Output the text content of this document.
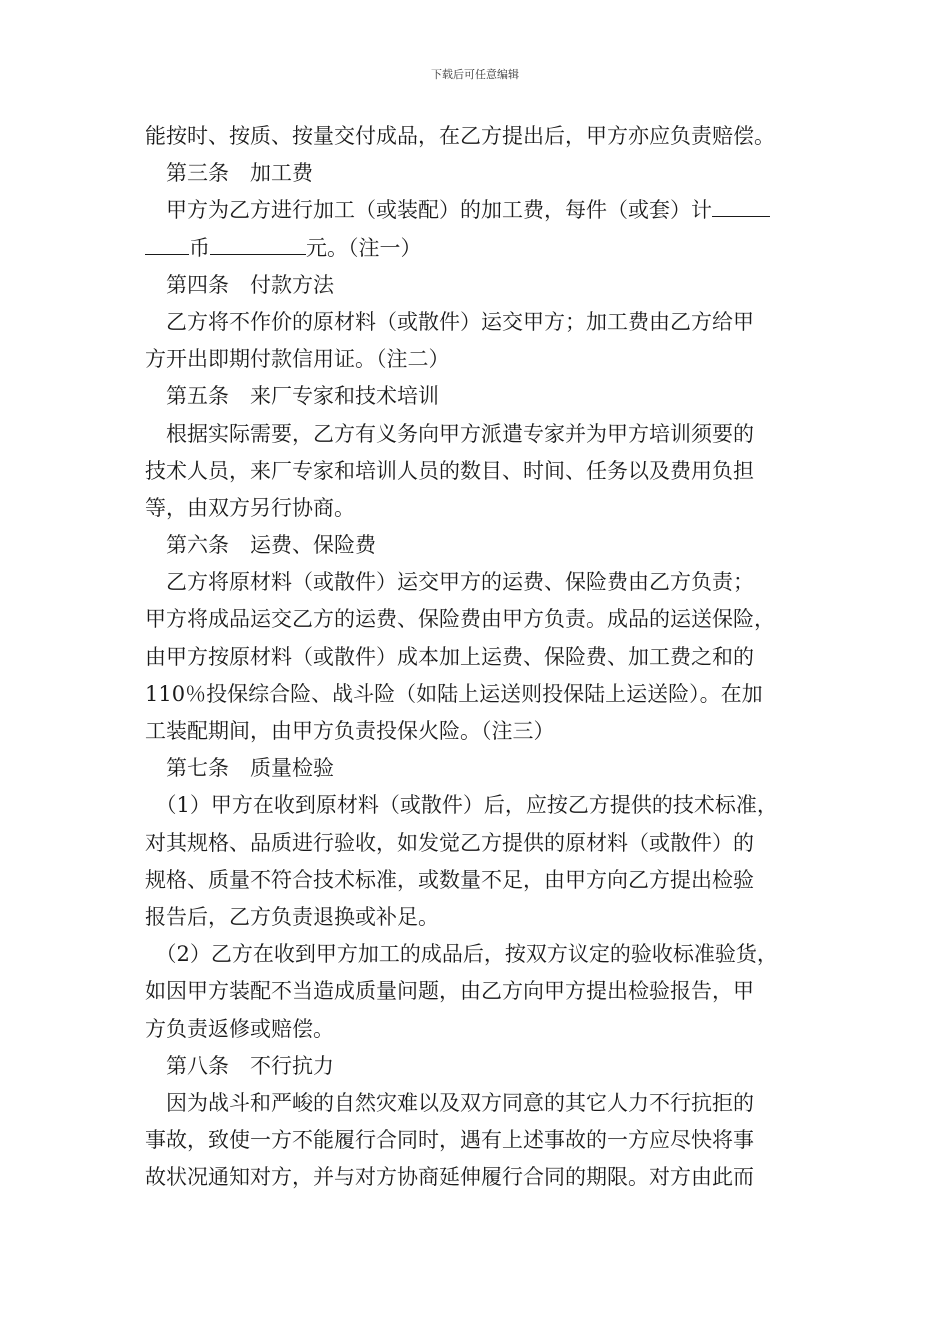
下载后可任意编辑
能按时、按质、按量交付成品，在乙方提出后，甲方亦应负责赔偿。
　第三条　加工费
　甲方为乙方进行加工（或装配）的加工费，每件（或套）计
币	元。（注一）
　第四条　付款方法
　乙方将不作价的原材料（或散件）运交甲方；加工费由乙方给甲
方开出即期付款信用证。（注二）
　第五条　来厂专家和技术培训
　根据实际需要，乙方有义务向甲方派遣专家并为甲方培训须要的
技术人员，来厂专家和培训人员的数目、时间、任务以及费用负担
等，由双方另行协商。
　第六条　运费、保险费
　乙方将原材料（或散件）运交甲方的运费、保险费由乙方负责；
甲方将成品运交乙方的运费、保险费由甲方负责。成品的运送保险，
由甲方按原材料（或散件）成本加上运费、保险费、加工费之和的
110％投保综合险、战斗险（如陆上运送则投保陆上运送险）。在加
工装配期间，由甲方负责投保火险。（注三）
　第七条　质量检验
　（1）甲方在收到原材料（或散件）后，应按乙方提供的技术标准，
对其规格、品质进行验收，如发觉乙方提供的原材料（或散件）的
规格、质量不符合技术标准，或数量不足，由甲方向乙方提出检验
报告后，乙方负责退换或补足。
　（2）乙方在收到甲方加工的成品后，按双方议定的验收标准验货，
如因甲方装配不当造成质量问题，由乙方向甲方提出检验报告，甲
方负责返修或赔偿。
　第八条　不行抗力
　因为战斗和严峻的自然灾难以及双方同意的其它人力不行抗拒的
事故，致使一方不能履行合同时，遇有上述事故的一方应尽快将事
故状况通知对方，并与对方协商延伸履行合同的期限。对方由此而
